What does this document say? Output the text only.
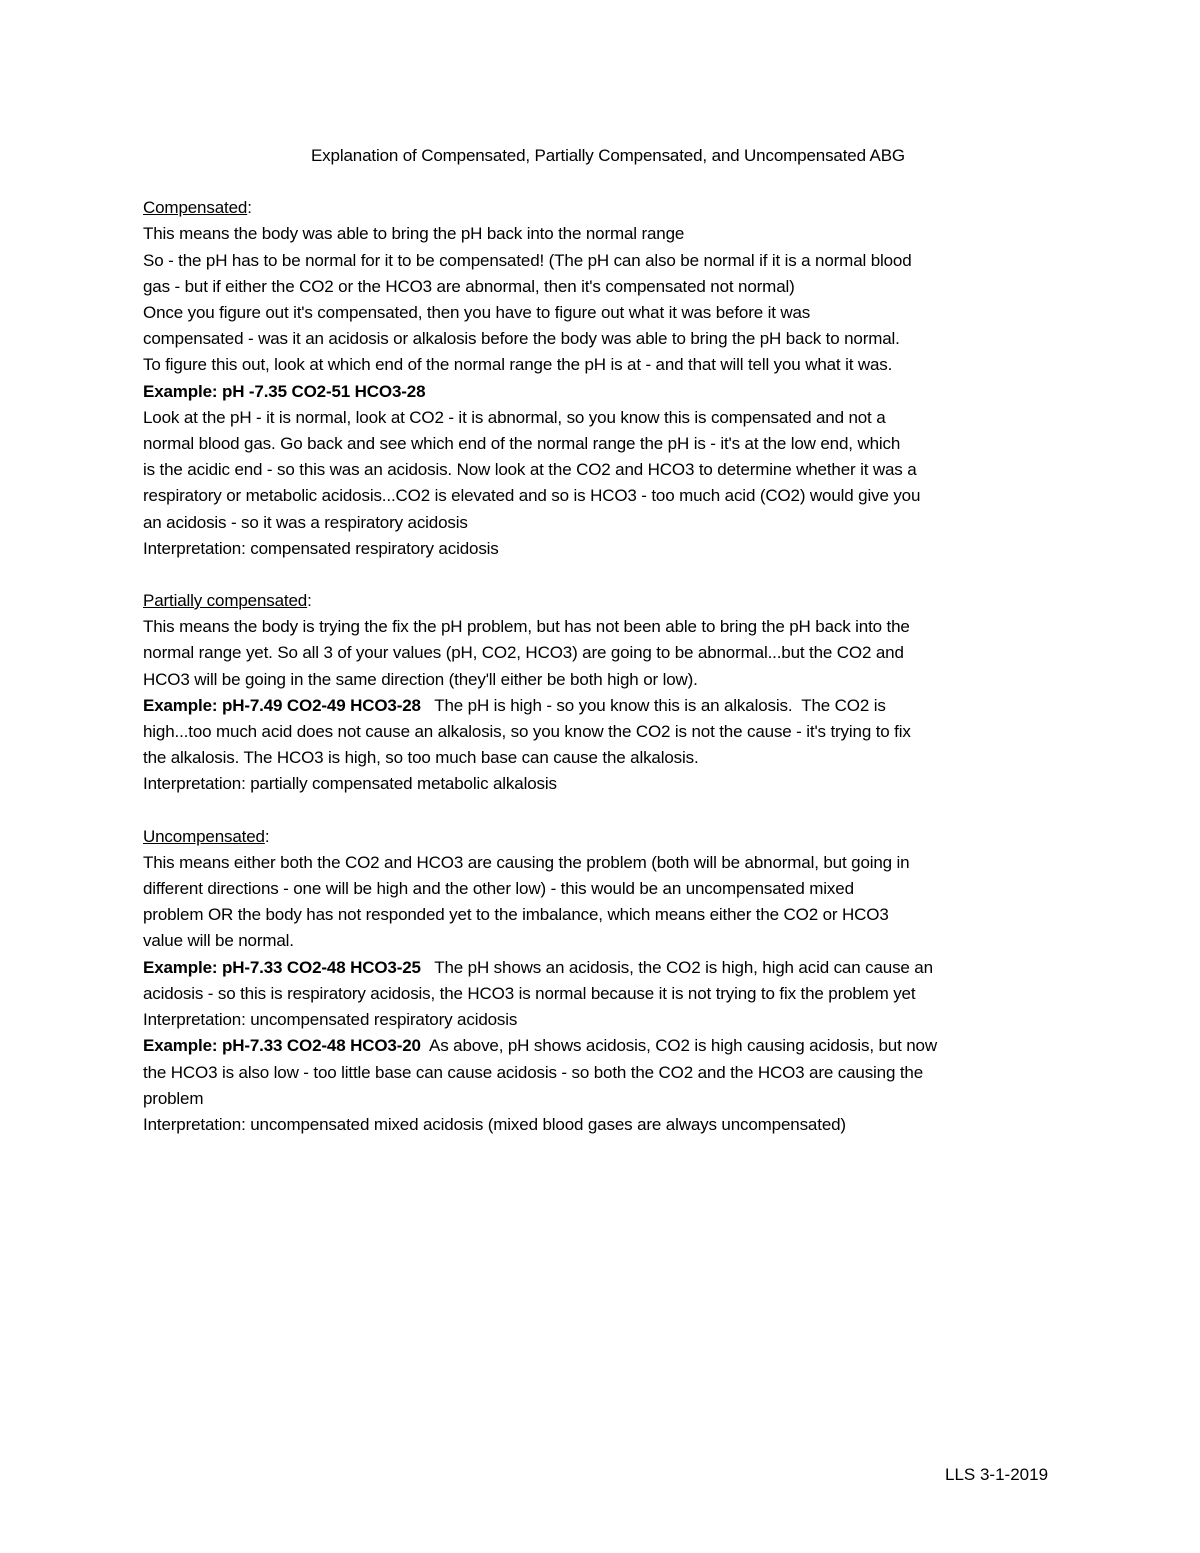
Explanation of Compensated, Partially Compensated, and Uncompensated ABG
Compensated:
This means the body was able to bring the pH back into the normal range
So - the pH has to be normal for it to be compensated! (The pH can also be normal if it is a normal blood
gas - but if either the CO2 or the HCO3 are abnormal, then it's compensated not normal)
Once you figure out it's compensated, then you have to figure out what it was before it was
compensated - was it an acidosis or alkalosis before the body was able to bring the pH back to normal.
To figure this out, look at which end of the normal range the pH is at - and that will tell you what it was.
Example: pH -7.35 CO2-51 HCO3-28
Look at the pH - it is normal, look at CO2 - it is abnormal, so you know this is compensated and not a
normal blood gas. Go back and see which end of the normal range the pH is - it's at the low end, which
is the acidic end - so this was an acidosis. Now look at the CO2 and HCO3 to determine whether it was a
respiratory or metabolic acidosis...CO2 is elevated and so is HCO3 - too much acid (CO2) would give you
an acidosis - so it was a respiratory acidosis
Interpretation: compensated respiratory acidosis
Partially compensated:
This means the body is trying the fix the pH problem, but has not been able to bring the pH back into the
normal range yet. So all 3 of your values (pH, CO2, HCO3) are going to be abnormal...but the CO2 and
HCO3 will be going in the same direction (they'll either be both high or low).
Example: pH-7.49 CO2-49 HCO3-28   The pH is high - so you know this is an alkalosis.  The CO2 is
high...too much acid does not cause an alkalosis, so you know the CO2 is not the cause - it's trying to fix
the alkalosis. The HCO3 is high, so too much base can cause the alkalosis.
Interpretation: partially compensated metabolic alkalosis
Uncompensated:
This means either both the CO2 and HCO3 are causing the problem (both will be abnormal, but going in
different directions - one will be high and the other low) - this would be an uncompensated mixed
problem OR the body has not responded yet to the imbalance, which means either the CO2 or HCO3
value will be normal.
Example: pH-7.33 CO2-48 HCO3-25   The pH shows an acidosis, the CO2 is high, high acid can cause an
acidosis - so this is respiratory acidosis, the HCO3 is normal because it is not trying to fix the problem yet
Interpretation: uncompensated respiratory acidosis
Example: pH-7.33 CO2-48 HCO3-20  As above, pH shows acidosis, CO2 is high causing acidosis, but now
the HCO3 is also low - too little base can cause acidosis - so both the CO2 and the HCO3 are causing the
problem
Interpretation: uncompensated mixed acidosis (mixed blood gases are always uncompensated)
LLS 3-1-2019
